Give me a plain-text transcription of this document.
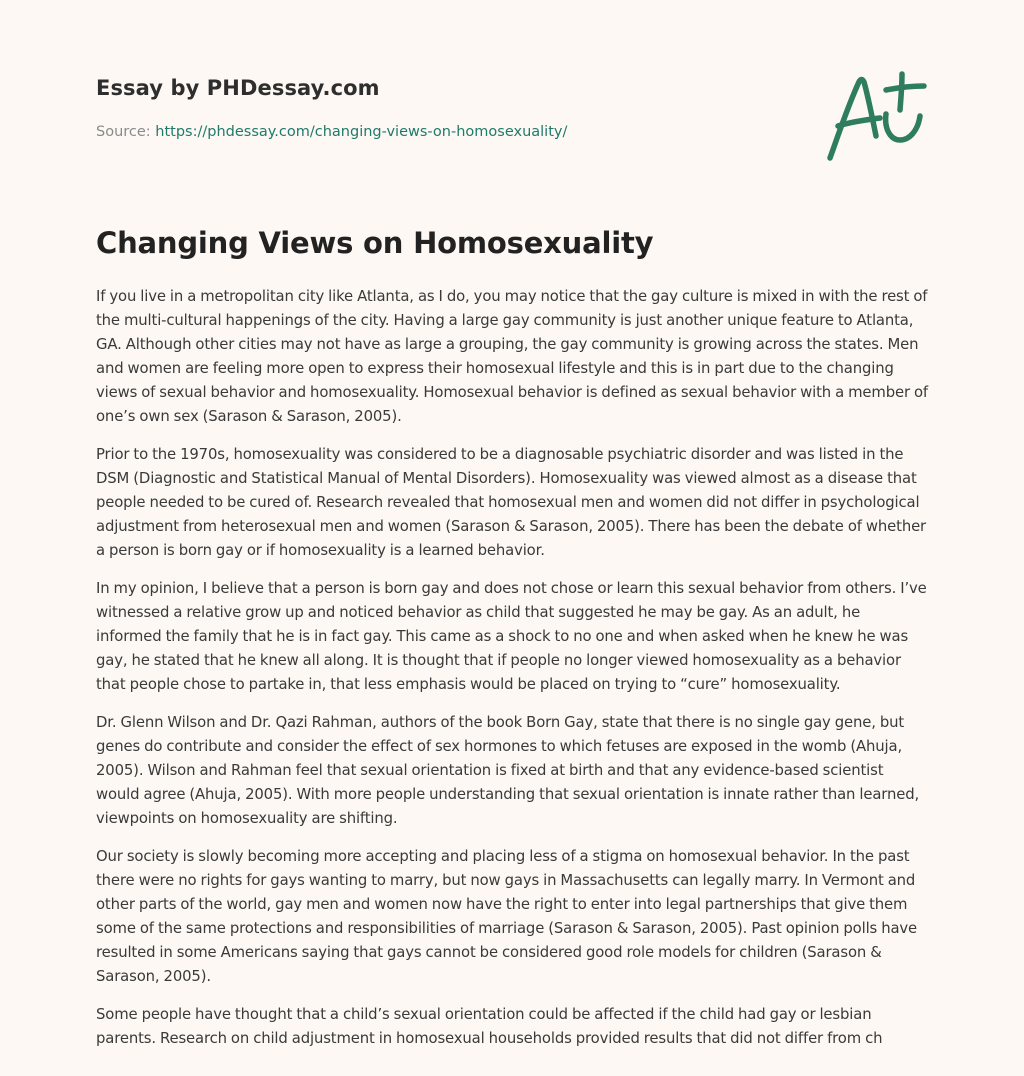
Essay by PHDessay.com
Source: https://phdessay.com/changing-views-on-homosexuality/
Changing Views on Homosexuality

If you live in a metropolitan city like Atlanta, as I do, you may notice that the gay culture is mixed in with the rest of the multi-cultural happenings of the city. Having a large gay community is just another unique feature to Atlanta, GA. Although other cities may not have as large a grouping, the gay community is growing across the states. Men and women are feeling more open to express their homosexual lifestyle and this is in part due to the changing views of sexual behavior and homosexuality. Homosexual behavior is defined as sexual behavior with a member of one’s own sex (Sarason & Sarason, 2005).

Prior to the 1970s, homosexuality was considered to be a diagnosable psychiatric disorder and was listed in the DSM (Diagnostic and Statistical Manual of Mental Disorders). Homosexuality was viewed almost as a disease that people needed to be cured of. Research revealed that homosexual men and women did not differ in psychological adjustment from heterosexual men and women (Sarason & Sarason, 2005). There has been the debate of whether a person is born gay or if homosexuality is a learned behavior.

In my opinion, I believe that a person is born gay and does not chose or learn this sexual behavior from others. I’ve witnessed a relative grow up and noticed behavior as child that suggested he may be gay. As an adult, he informed the family that he is in fact gay. This came as a shock to no one and when asked when he knew he was gay, he stated that he knew all along. It is thought that if people no longer viewed homosexuality as a behavior that people chose to partake in, that less emphasis would be placed on trying to “cure” homosexuality.

Dr. Glenn Wilson and Dr. Qazi Rahman, authors of the book Born Gay, state that there is no single gay gene, but genes do contribute and consider the effect of sex hormones to which fetuses are exposed in the womb (Ahuja, 2005). Wilson and Rahman feel that sexual orientation is fixed at birth and that any evidence-based scientist would agree (Ahuja, 2005). With more people understanding that sexual orientation is innate rather than learned, viewpoints on homosexuality are shifting.

Our society is slowly becoming more accepting and placing less of a stigma on homosexual behavior. In the past there were no rights for gays wanting to marry, but now gays in Massachusetts can legally marry. In Vermont and other parts of the world, gay men and women now have the right to enter into legal partnerships that give them some of the same protections and responsibilities of marriage (Sarason & Sarason, 2005). Past opinion polls have resulted in some Americans saying that gays cannot be considered good role models for children (Sarason & Sarason, 2005).

Some people have thought that a child’s sexual orientation could be affected if the child had gay or lesbian parents. Research on child adjustment in homosexual households provided results that did not differ from ch
